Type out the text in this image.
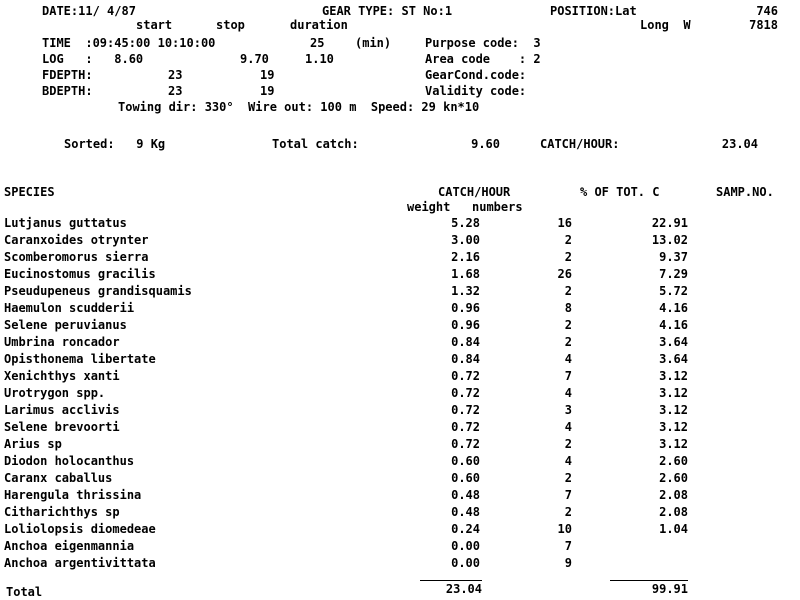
DATE:11/ 4/87	GEAR TYPE: ST No:1	POSITION:Lat	746
start	stop	duration	Long  W	7818
TIME  :09:45:00 10:10:00	25	(min)	Purpose code:  3
LOG   :   8.60	9.70	1.10	Area code    : 2
FDEPTH:	23	19	GearCond.code:
BDEPTH:	23	19	Validity code:
Towing dir: 330°  Wire out: 100 m  Speed: 29 kn*10
Sorted:   9 Kg	Total catch:	9.60	CATCH/HOUR:	23.04
SPECIES	CATCH/HOUR	% OF TOT. C	SAMP.NO.
weight numbers
Lutjanus guttatus	5.28	16	22.91
Caranxoides otrynter	3.00	2	13.02
Scomberomorus sierra	2.16	2	9.37
Eucinostomus gracilis	1.68	26	7.29
Pseudupeneus grandisquamis	1.32	2	5.72
Haemulon scudderii	0.96	8	4.16
Selene peruvianus	0.96	2	4.16
Umbrina roncador	0.84	2	3.64
Opisthonema libertate	0.84	4	3.64
Xenichthys xanti	0.72	7	3.12
Urotrygon spp.	0.72	4	3.12
Larimus acclivis	0.72	3	3.12
Selene brevoorti	0.72	4	3.12
Arius sp	0.72	2	3.12
Diodon holocanthus	0.60	4	2.60
Caranx caballus	0.60	2	2.60
Harengula thrissina	0.48	7	2.08
Citharichthys sp	0.48	2	2.08
Loliolopsis diomedeae	0.24	10	1.04
Anchoa eigenmannia	0.00	7
Anchoa argentivittata	0.00	9
Total	23.04	99.91
